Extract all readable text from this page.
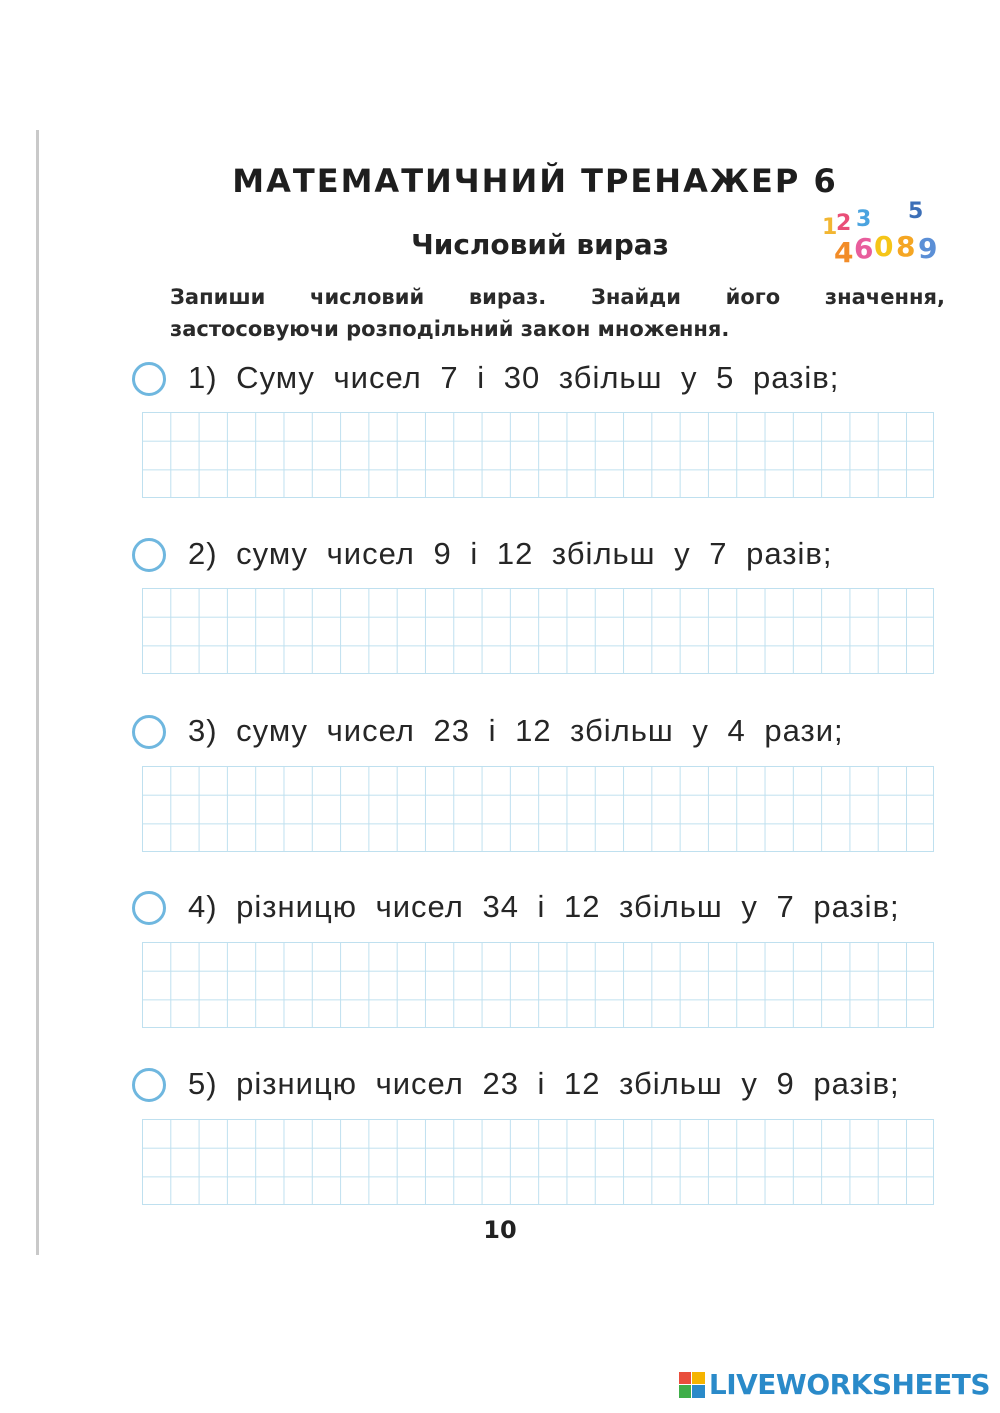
МАТЕМАТИЧНИЙ ТРЕНАЖЕР 6
Числовий вираз
1
2 3 5
4 6 0 8 9
Запиши числовий вираз. Знайди його значення,
застосовуючи розподільний закон множення.
1) Суму чисел 7 і 30 збільш у 5 разів;
2) суму чисел 9 і 12 збільш у 7 разів;
3) суму чисел 23 і 12 збільш у 4 рази;
4) різницю чисел 34 і 12 збільш у 7 разів;
5) різницю чисел 23 і 12 збільш у 9 разів;
10
LIVEWORKSHEETS
